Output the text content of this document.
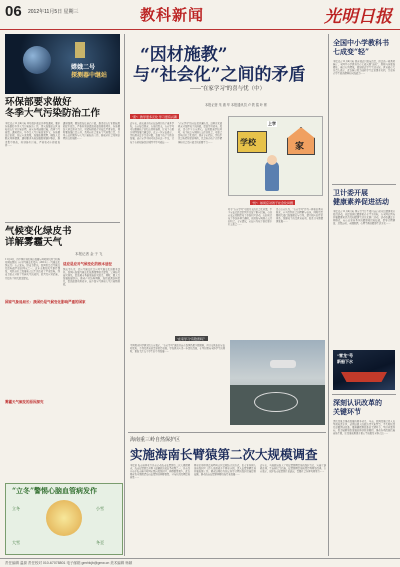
06 2012年11月5日 星期三	教科新闻	光明日报
嫦娥二号
探测器中继站
环保部要求做好
冬季大气污染防治工作
本报北京11月4日电 环境保护部近日印发通知，要求各地做好冬季大气污染防治工作，切实加强重点区域和重点行业污染治理，落实各项减排措施，改善空气质量。通知指出，冬季是大气污染高发季节，各地要高度重视，制定应急预案，加强监测预警，确保人民群众身体健康。通知要求各地加强燃煤锅炉整治，推进集中供热，控制扬尘污染，严格机动车排放监管……
通知强调，要加快淘汰落后产能，推进重点行业脱硫脱硝除尘改造，严格控制新建高耗能高排放项目。各地要加大执法检查力度，对超标排放企业依法严肃查处。同时要加强信息公开，及时向社会发布空气质量信息，引导公众积极参与大气污染防治工作，形成全社会共同治理的良好局面……
气候变化绿皮书
详解雾霾天气
本报记者 金 于 飞
11月4日，由中国社科院城市发展与环境研究所等机构共同编撰的《应对气候变化报告（2012）》（气候变化绿皮书）在京发布。绿皮书指出，我国仍是受气候变化影响最严重的国家之一，近年来极端天气事件频发，对经济社会发展和人民生活造成了严重影响。绿皮书重点分析了雾霾天气的成因、危害及应对措施，并提出了相关政策建议。
国家气象局局长：我国仍是气候变化影响严重的国家
适应是应对气候变化的根本途径
雾霾天气频发的原因探究
绿皮书认为，适应气候变化是应对气候变化的根本途径。我国应加强气候变化监测预警能力建设，完善防灾减灾体系，提高城市基础设施抗灾能力。同时，要大力发展低碳经济，推动产业结构调整，加快能源结构优化，提高能源利用效率，减少温室气体和大气污染物排放。
“立冬”警惕心脑血管病发作
立冬	小雪
大雪	冬至
“因材施教”
与“社会化”之间的矛盾
——“在家学习”的喜与忧（中）
本报记者 朱 惠 华 本报通讯员 卢 铁 铭 叶 彬
“喜”：教学更多元化 学习更有兴趣
近年来，越来越多的家长选择让孩子离开学校，在家接受教育。在他们看来，在家学习可以根据孩子的特点因材施教，让孩子有更多时间发展兴趣爱好。北京一位家长表示，学校教育过于注重分数，忽视了孩子个性的发展，而在家学习则可以弥补这一不足，让孩子在轻松愉快的氛围中学习成长……
“在家学习”的家长们普遍认为，这种方式能够充分发挥孩子的潜能，提高学习效率。然而，也有不少专家担心，长期脱离学校环境，孩子缺乏与同龄人交往的机会，可能会影响其社会化进程。教育专家指出，学校不仅是传授知识的场所，也是培养孩子合作精神和社会适应能力的重要平台……	学校	家
上学
“忧”：如何应对孩子社会化问题
对于“在家学习”可能带来的社会化问题，不少家长已经意识到并采取了相应措施。有的家长定期组织孩子参加社区活动，有的则让孩子参加各种兴趣班，以增加与同龄人交往的机会。专家建议，家长应为孩子创造更多社交机会……
也有专家认为，“在家学习”作为一种新的教育形式，应当得到社会的理解与包容，同时也需要相关部门加强规范与引导，建立相应的评价体系，保障孩子的受教育权利，促进其全面健康发展……
“在家学习”有隐患吗？
中国教育科学研究院专家表示，“在家学习”虽然目前在我国仍属少数现象，但其反映出的家长对优质、个性化教育的需求值得重视。学校教育应进一步深化改革，在坚持面向全体学生的同时，更加关注每个学生的个性发展……
海南重三岭自然保护区
实施海南长臂猿第二次大规模调查
本报讯 海南省林业厅日前启动海南长臂猿第二次大规模调查。海南长臂猿是世界上最濒危的灵长类动物之一，目前仅分布于海南霸王岭国家级自然保护区，种群数量极少。此次调查将全面摸清海南长臂猿的种群数量、分布状况及栖息地质量……
调查采用样线法和鸣叫定位法相结合的方式，由专业科研人员和保护区工作人员组成多个调查小组，深入长臂猿栖息地开展监测工作。调查结果将为制定科学合理的保护措施提供依据，推动海南长臂猿种群的恢复和发展……
近年来，当地政府加大了对长臂猿栖息地的保护力度，实施了退耕还林、生态移民等措施，长臂猿栖息地质量得到明显改善。专家表示，保护海南长臂猿任重道远，需要社会各界共同努力……
全国中小学教科书
七成变“轻”
本报北京11月4日电 教育部近日发布消息，经过新一轮教材修订，全国中小学教科书有七成实现“减负”，教材内容更加精炼，难度有所降低，更加贴近学生生活实际。教育部有关负责人表示，此次修订着力减轻学生过重课业负担，注重培养学生创新精神和实践能力……
卫计委开展
健康素养促进活动
本报北京11月4日电 国家卫生计生委日前启动全民健康素养促进活动，以提高居民健康素养水平为目标，在全国范围内开展健康知识普及和健康生活方式推广活动。活动将通过多种形式，向公众宣传基本的健康知识和技能，倡导合理膳食、适量运动、戒烟限酒、心理平衡的健康生活方式……
“雪龙”号
新船下水
深刻认识改革的
关键环节
深化改革是推动发展的根本动力。当前，我国改革已进入攻坚期和深水区，必须以更大的政治勇气和智慧，不失时机深化重要领域改革。要准确把握改革的关键环节，坚持问题导向，着力破解制约发展的体制机制障碍，推动各项改革措施落地生根，让改革成果更多更公平地惠及全体人民……
责任编辑 温源 责任校对 010-67078801 电子邮箱 gmrbkjb@gmw.cn 美术编辑 杨颖
